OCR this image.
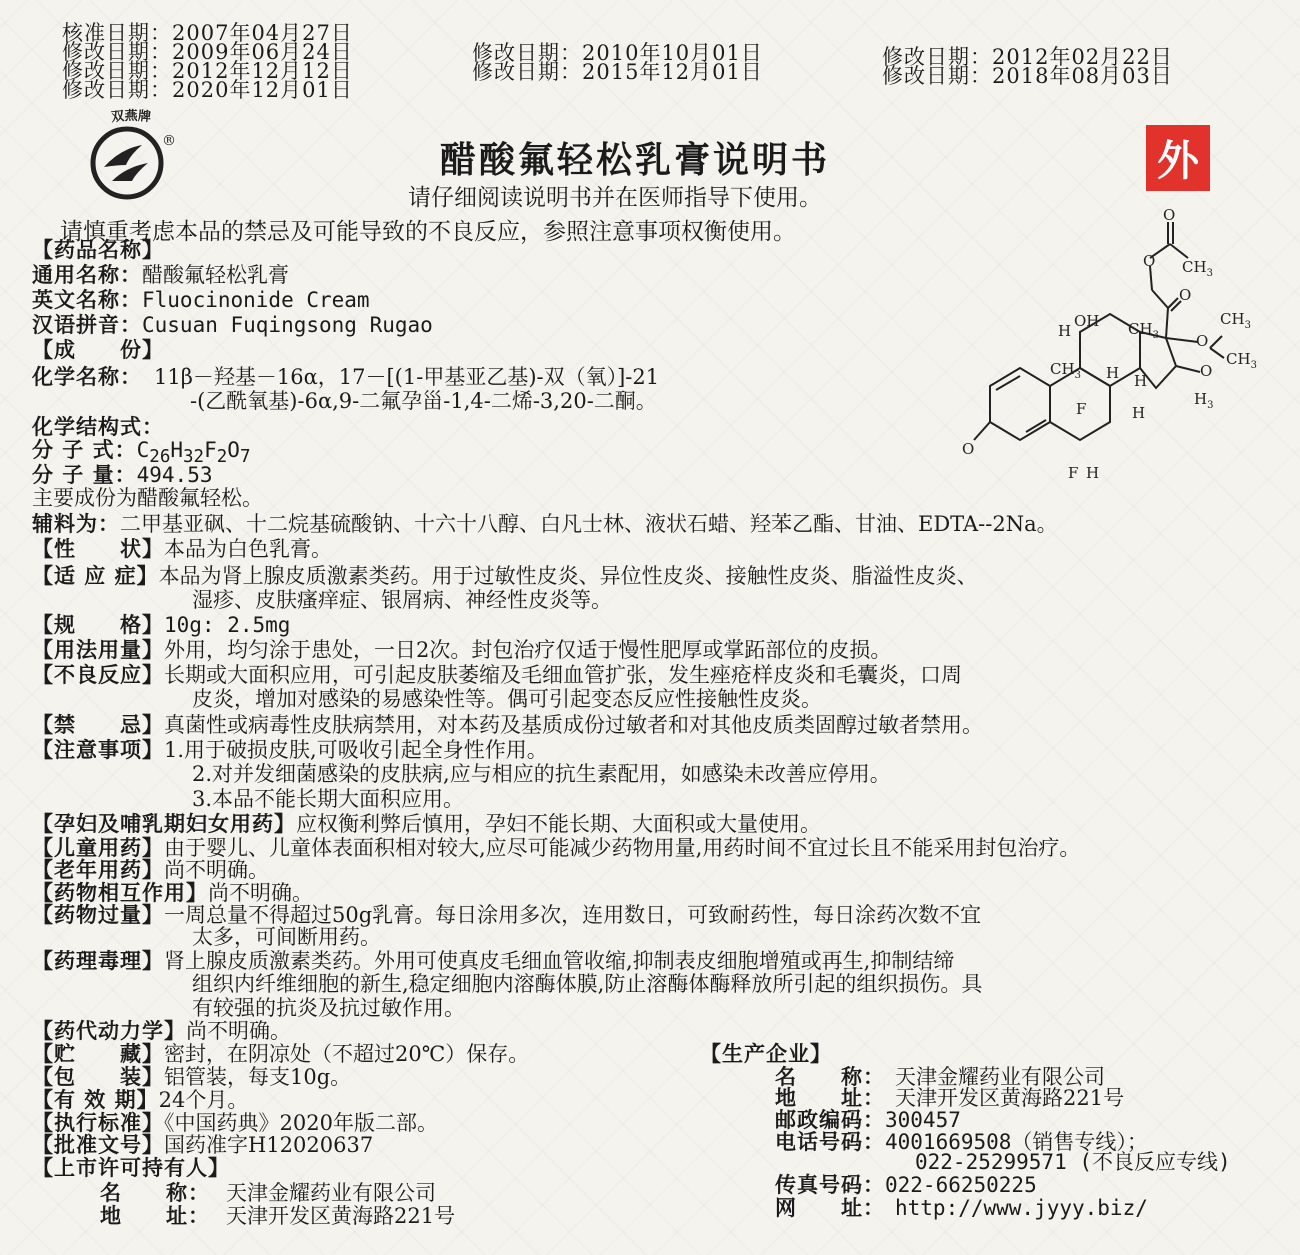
核准日期：2007年04月27日
修改日期：2009年06月24日
修改日期：2012年12月12日
修改日期：2020年12月01日
修改日期：2010年10月01日
修改日期：2015年12月01日
修改日期：2012年02月22日
修改日期：2018年08月03日
双燕牌
®	醋酸氟轻松乳膏说明书	外
请仔细阅读说明书并在医师指导下使用。
请慎重考虑本品的禁忌及可能导致的不良反应，参照注意事项权衡使用。
【药品名称】
通用名称：醋酸氟轻松乳膏
英文名称：Fluocinonide Cream
汉语拼音：Cusuan Fuqingsong Rugao
【成　　份】
化学名称： 11β－羟基－16α，17－[(1-甲基亚乙基)-双（氧）]-21
-(乙酰氧基)-6α,9-二氟孕甾-1,4-二烯-3,20-二酮。
化学结构式：
分 子 式：$C_{26}H_{32}F_2O_7$
分 子 量：494.53
主要成份为醋酸氟轻松。
辅料为：二甲基亚砜、十二烷基硫酸钠、十六十八醇、白凡士林、液状石蜡、羟苯乙酯、甘油、EDTA--2Na。
【性　　状】本品为白色乳膏。
【适 应 症】本品为肾上腺皮质激素类药。用于过敏性皮炎、异位性皮炎、接触性皮炎、脂溢性皮炎、
湿疹、皮肤瘙痒症、银屑病、神经性皮炎等。
【规　　格】10g: 2.5mg
【用法用量】外用，均匀涂于患处，一日2次。封包治疗仅适于慢性肥厚或掌跖部位的皮损。
【不良反应】长期或大面积应用，可引起皮肤萎缩及毛细血管扩张，发生痤疮样皮炎和毛囊炎，口周
皮炎，增加对感染的易感染性等。偶可引起变态反应性接触性皮炎。
【禁　　忌】真菌性或病毒性皮肤病禁用，对本药及基质成份过敏者和对其他皮质类固醇过敏者禁用。
【注意事项】1.用于破损皮肤,可吸收引起全身性作用。
2.对并发细菌感染的皮肤病,应与相应的抗生素配用，如感染未改善应停用。
3.本品不能长期大面积应用。
【孕妇及哺乳期妇女用药】应权衡利弊后慎用，孕妇不能长期、大面积或大量使用。
【儿童用药】由于婴儿、儿童体表面积相对较大,应尽可能减少药物用量,用药时间不宜过长且不能采用封包治疗。
【老年用药】尚不明确。
【药物相互作用】尚不明确。
【药物过量】一周总量不得超过50g乳膏。每日涂用多次，连用数日，可致耐药性，每日涂药次数不宜
太多，可间断用药。
【药理毒理】肾上腺皮质激素类药。外用可使真皮毛细血管收缩,抑制表皮细胞增殖或再生,抑制结缔
组织内纤维细胞的新生,稳定细胞内溶酶体膜,防止溶酶体酶释放所引起的组织损伤。具
有较强的抗炎及抗过敏作用。
【药代动力学】尚不明确。
【贮　　藏】密封，在阴凉处（不超过20℃）保存。
【包　　装】铝管装，每支10g。
【有 效 期】24个月。
【执行标准】《中国药典》2020年版二部。
【批准文号】国药准字H12020637
【上市许可持有人】
名　　称： 天津金耀药业有限公司
地　　址： 天津开发区黄海路221号
【生产企业】
名　　称： 天津金耀药业有限公司
地　　址： 天津开发区黄海路221号
邮政编码：300457
电话号码：4001669508（销售专线）；
022-25299571 (不良反应专线)
传真号码：022-66250225
网　　址： http://www.jyyy.biz/
O
$CH_3$
O
O
H
OH $CH_3$
$CH_3$
$CH_3$
$CH_3$
O
O
H H
H
$H_3$
F
F H
O
